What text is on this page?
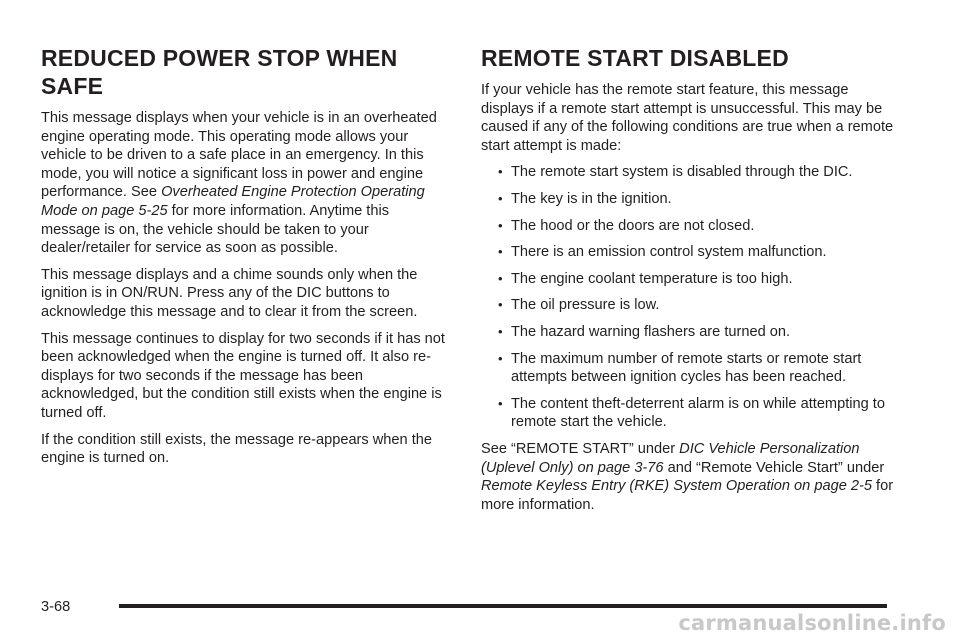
REDUCED POWER STOP WHEN SAFE

This message displays when your vehicle is in an overheated engine operating mode. This operating mode allows your vehicle to be driven to a safe place in an emergency. In this mode, you will notice a significant loss in power and engine performance. See Overheated Engine Protection Operating Mode on page 5-25 for more information. Anytime this message is on, the vehicle should be taken to your dealer/retailer for service as soon as possible.

This message displays and a chime sounds only when the ignition is in ON/RUN. Press any of the DIC buttons to acknowledge this message and to clear it from the screen.

This message continues to display for two seconds if it has not been acknowledged when the engine is turned off. It also re-displays for two seconds if the message has been acknowledged, but the condition still exists when the engine is turned off.

If the condition still exists, the message re-appears when the engine is turned on.

REMOTE START DISABLED

If your vehicle has the remote start feature, this message displays if a remote start attempt is unsuccessful. This may be caused if any of the following conditions are true when a remote start attempt is made:

• The remote start system is disabled through the DIC.
• The key is in the ignition.
• The hood or the doors are not closed.
• There is an emission control system malfunction.
• The engine coolant temperature is too high.
• The oil pressure is low.
• The hazard warning flashers are turned on.
• The maximum number of remote starts or remote start attempts between ignition cycles has been reached.
• The content theft-deterrent alarm is on while attempting to remote start the vehicle.

See “REMOTE START” under DIC Vehicle Personalization (Uplevel Only) on page 3-76 and “Remote Vehicle Start” under Remote Keyless Entry (RKE) System Operation on page 2-5 for more information.

3-68
carmanualsonline.info
